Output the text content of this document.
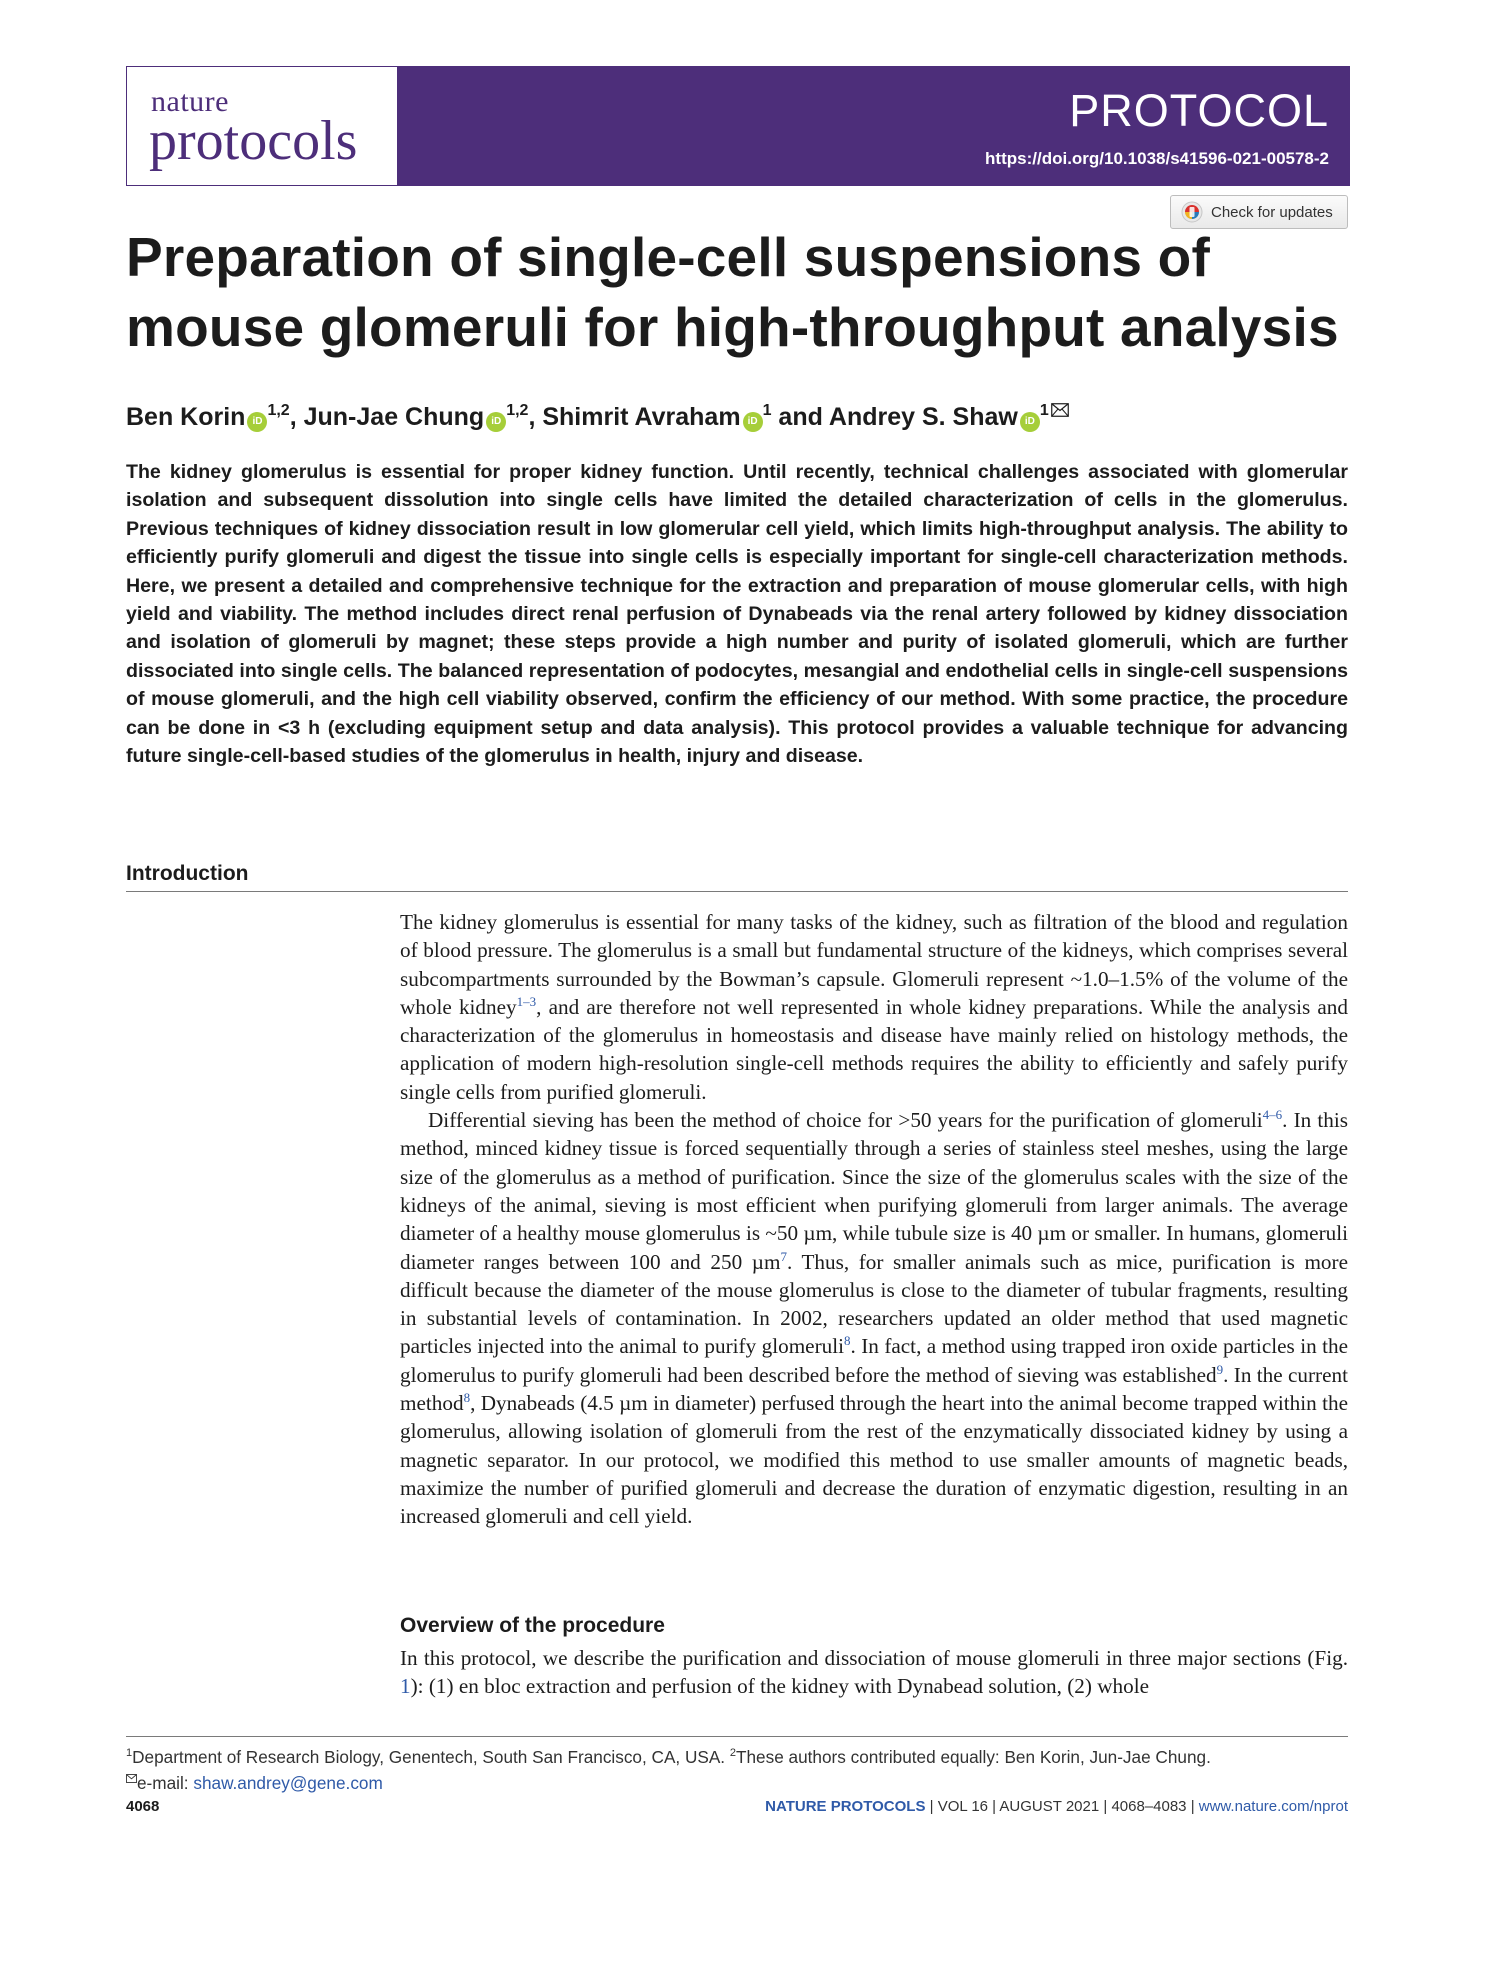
nature
protocols	PROTOCOL
https://doi.org/10.1038/s41596-021-00578-2
Check for updates
Preparation of single-cell suspensions of mouse glomeruli for high-throughput analysis
Ben Korin iD$^{1,2}$, Jun-Jae Chung iD$^{1,2}$, Shimrit Avraham iD$^1$ and Andrey S. Shaw iD$^1$
The kidney glomerulus is essential for proper kidney function. Until recently, technical challenges associated with glomerular isolation and subsequent dissolution into single cells have limited the detailed characterization of cells in the glomerulus. Previous techniques of kidney dissociation result in low glomerular cell yield, which limits high-throughput analysis. The ability to efficiently purify glomeruli and digest the tissue into single cells is especially important for single-cell characterization methods. Here, we present a detailed and comprehensive technique for the extraction and preparation of mouse glomerular cells, with high yield and viability. The method includes direct renal perfusion of Dynabeads via the renal artery followed by kidney dissociation and isolation of glomeruli by magnet; these steps provide a high number and purity of isolated glomeruli, which are further dissociated into single cells. The balanced representation of podocytes, mesangial and endothelial cells in single-cell suspensions of mouse glomeruli, and the high cell viability observed, confirm the efficiency of our method. With some practice, the procedure can be done in <3 h (excluding equipment setup and data analysis). This protocol provides a valuable technique for advancing future single-cell-based studies of the glomerulus in health, injury and disease.
Introduction

The kidney glomerulus is essential for many tasks of the kidney, such as filtration of the blood and regulation of blood pressure. The glomerulus is a small but fundamental structure of the kidneys, which comprises several subcompartments surrounded by the Bowman’s capsule. Glomeruli represent ~1.0–1.5% of the volume of the whole kidney$^{1-3}$, and are therefore not well represented in whole kidney preparations. While the analysis and characterization of the glomerulus in homeostasis and disease have mainly relied on histology methods, the application of modern high-resolution single-cell methods requires the ability to efficiently and safely purify single cells from purified glomeruli.

Differential sieving has been the method of choice for >50 years for the purification of glomeruli$^{4-6}$. In this method, minced kidney tissue is forced sequentially through a series of stainless steel meshes, using the large size of the glomerulus as a method of purification. Since the size of the glomerulus scales with the size of the kidneys of the animal, sieving is most efficient when purifying glomeruli from larger animals. The average diameter of a healthy mouse glomerulus is ~50 µm, while tubule size is 40 µm or smaller. In humans, glomeruli diameter ranges between 100 and 250 µm$^7$. Thus, for smaller animals such as mice, purification is more difficult because the diameter of the mouse glomerulus is close to the diameter of tubular fragments, resulting in substantial levels of contamination. In 2002, researchers updated an older method that used magnetic particles injected into the animal to purify glomeruli$^8$. In fact, a method using trapped iron oxide particles in the glomerulus to purify glomeruli had been described before the method of sieving was established$^9$. In the current method$^8$, Dynabeads (4.5 µm in diameter) perfused through the heart into the animal become trapped within the glomerulus, allowing isolation of glomeruli from the rest of the enzymatically dissociated kidney by using a magnetic separator. In our protocol, we modified this method to use smaller amounts of magnetic beads, maximize the number of purified glomeruli and decrease the duration of enzymatic digestion, resulting in an increased glomeruli and cell yield.

Overview of the procedure

In this protocol, we describe the purification and dissociation of mouse glomeruli in three major sections (Fig. 1): (1) en bloc extraction and perfusion of the kidney with Dynabead solution, (2) whole

$^1$Department of Research Biology, Genentech, South San Francisco, CA, USA. $^2$These authors contributed equally: Ben Korin, Jun-Jae Chung.
e-mail: shaw.andrey@gene.com
4068	NATURE PROTOCOLS | VOL 16 | AUGUST 2021 | 4068–4083 | www.nature.com/nprot
